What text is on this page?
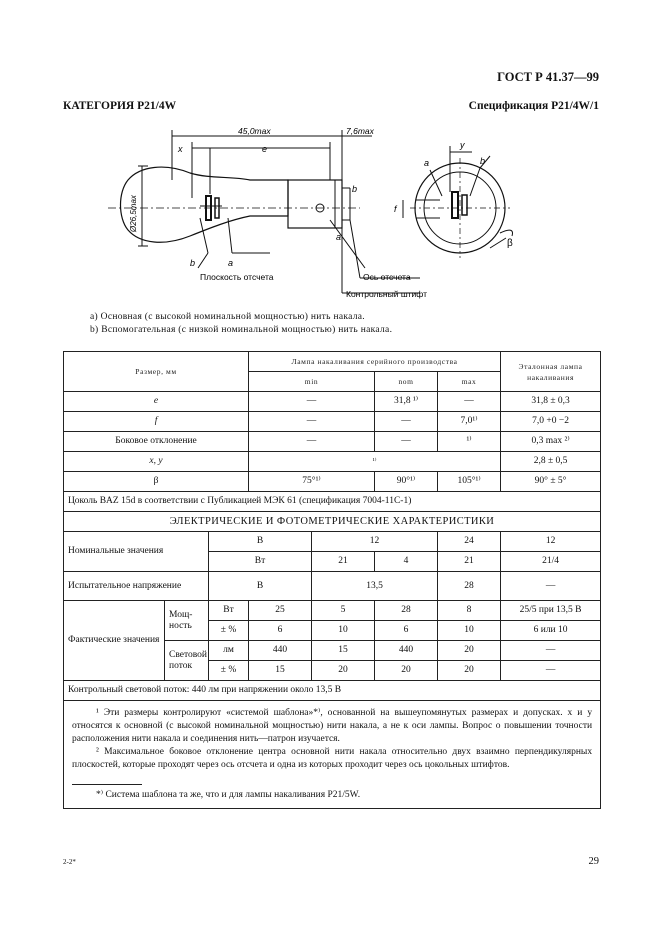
ГОСТ Р 41.37—99
КАТЕГОРИЯ Р21/4W	Спецификация Р21/4W/1
45,0max	7,6max
x	e
Ø26,5max
b	a
b
a
Плоскость отсчета	Ось отсчета
Контрольный штифт
y
f
a	b
β
a) Основная (с высокой номинальной мощностью) нить накала.
b) Вспомогательная (с низкой номинальной мощностью) нить накала.
Размер, мм			Лампа накаливания серийного производства				Эталонная лампа накаливания
			min		nom	max	
e			—		31,8 ¹⁾	—	31,8 ± 0,3
f			—		—	7,0¹⁾	7,0 +0 −2
Боковое отклонение			—		—	¹⁾	0,3 max ²⁾
x, y			¹⁾				2,8 ± 0,5
β			75°¹⁾		90°¹⁾	105°¹⁾	90° ± 5°
Цоколь BAZ 15d в соответствии с Публикацией МЭК 61 (спецификация 7004-11С-1)							
ЭЛЕКТРИЧЕСКИЕ И ФОТОМЕТРИЧЕСКИЕ ХАРАКТЕРИСТИКИ							
Номинальные значения		В		12		24	12
		Вт		21	4	21	21/4
Испытательное напряжение		В		13,5		28	—
Фактические значения	Мощ-ность	Вт	25	5	28	8	25/5 при 13,5 В
		± %	6	10	6	10	6 или 10
	Световой поток	лм	440	15	440	20	—
		± %	15	20	20	20	—
Контрольный световой поток: 440 лм при напряжении около 13,5 В							

¹ Эти размеры контролируют «системой шаблона»*⁾, основанной на вышеупомянутых размерах и допусках. x и y относятся к основной (с высокой номинальной мощностью) нити накала, а не к оси лампы. Вопрос о повышении точности расположения нити накала и соединения нить—патрон изучается.
² Максимальное боковое отклонение центра основной нити накала относительно двух взаимно перпендикулярных плоскостей, которые проходят через ось отсчета и одна из которых проходит через ось цокольных штифтов.
*⁾ Система шаблона та же, что и для лампы накаливания Р21/5W.							
2-2*	29
